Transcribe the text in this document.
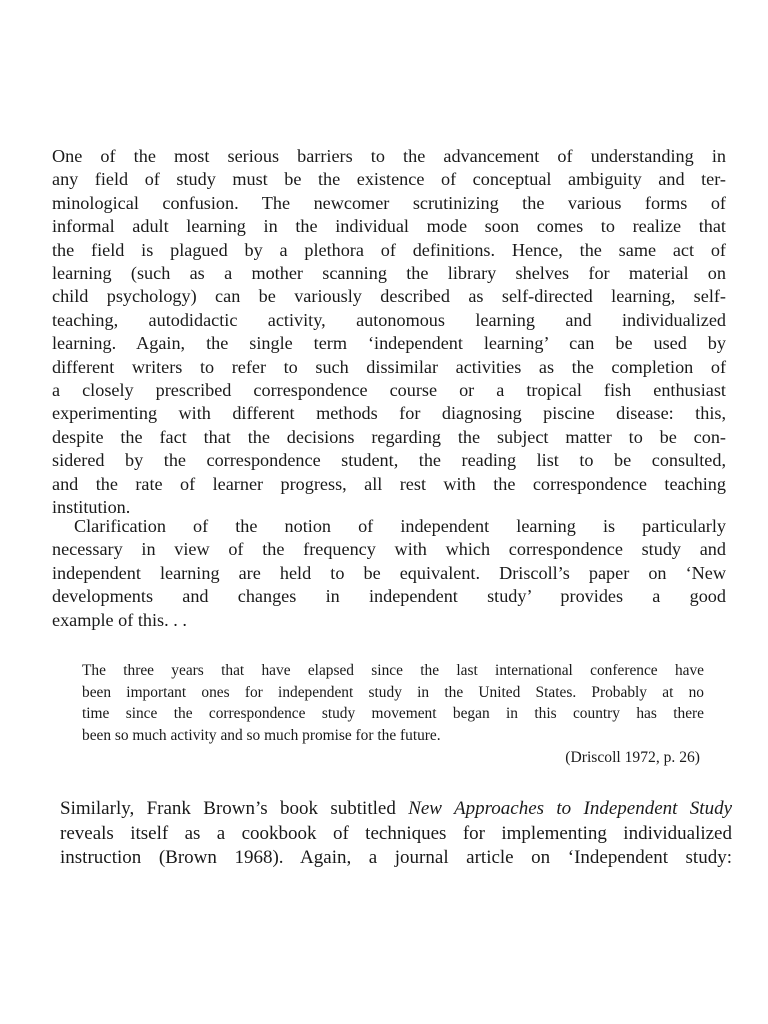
One of the most serious barriers to the advancement of understanding in
any field of study must be the existence of conceptual ambiguity and ter-
minological confusion. The newcomer scrutinizing the various forms of
informal adult learning in the individual mode soon comes to realize that
the field is plagued by a plethora of definitions. Hence, the same act of
learning (such as a mother scanning the library shelves for material on
child psychology) can be variously described as self-directed learning, self-
teaching, autodidactic activity, autonomous learning and individualized
learning. Again, the single term ‘independent learning’ can be used by
different writers to refer to such dissimilar activities as the completion of
a closely prescribed correspondence course or a tropical fish enthusiast
experimenting with different methods for diagnosing piscine disease: this,
despite the fact that the decisions regarding the subject matter to be con-
sidered by the correspondence student, the reading list to be consulted,
and the rate of learner progress, all rest with the correspondence teaching
institution.
Clarification of the notion of independent learning is particularly
necessary in view of the frequency with which correspondence study and
independent learning are held to be equivalent. Driscoll’s paper on ‘New
developments and changes in independent study’ provides a good
example of this. . .
The three years that have elapsed since the last international conference have
been important ones for independent study in the United States. Probably at no
time since the correspondence study movement began in this country has there
been so much activity and so much promise for the future.
(Driscoll 1972, p. 26)
Similarly, Frank Brown’s book subtitled New Approaches to Independent Study
reveals itself as a cookbook of techniques for implementing individualized
instruction (Brown 1968). Again, a journal article on ‘Independent study:
